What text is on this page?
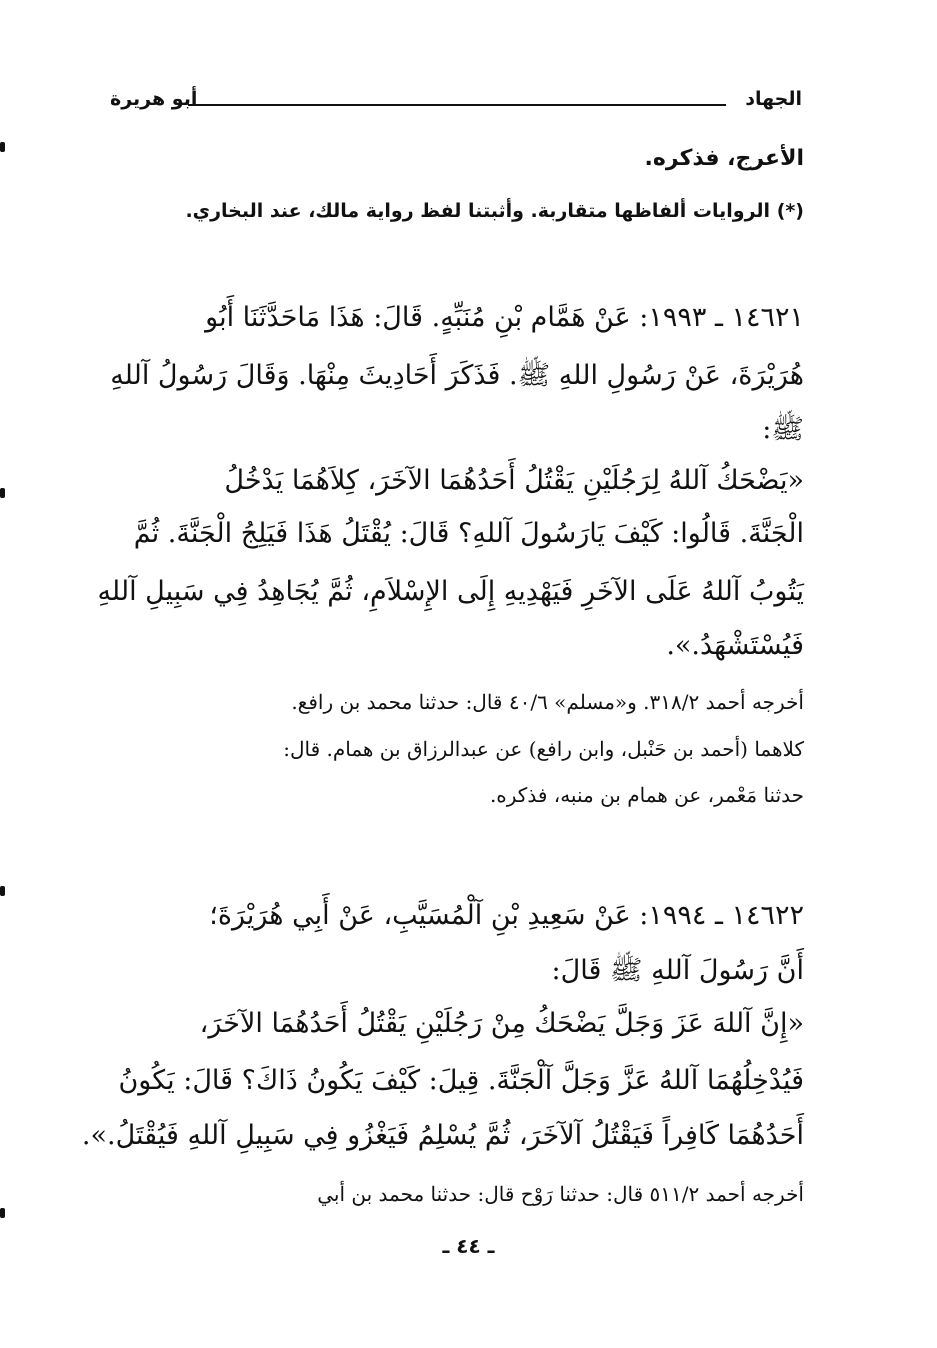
الجهاد
أبو هريرة
الأعرج، فذكره.
(*) الروايات ألفاظها متقاربة. وأثبتنا لفظ رواية مالك، عند البخاري.
١٤٦٢١ ـ ١٩٩٣: عَنْ هَمَّام بْنِ مُنَبِّهٍ. قَالَ: هَذَا مَاحَدَّثَنَا أَبُو
هُرَيْرَةَ، عَنْ رَسُولِ اللهِ ﷺ. فَذَكَرَ أَحَادِيثَ مِنْهَا. وَقَالَ رَسُولُ آللهِ
ﷺ:
«يَضْحَكُ آللهُ لِرَجُلَيْنِ يَقْتُلُ أَحَدُهُمَا الآخَرَ، كِلاَهُمَا يَدْخُلُ
الْجَنَّةَ. قَالُوا: كَيْفَ يَارَسُولَ آللهِ؟ قَالَ: يُقْتَلُ هَذَا فَيَلِجُ الْجَنَّةَ. ثُمَّ
يَتُوبُ آللهُ عَلَى الآخَرِ فَيَهْدِيهِ إِلَى الإِسْلاَمِ، ثُمَّ يُجَاهِدُ فِي سَبِيلِ آللهِ
فَيُسْتَشْهَدُ.».
أخرجه أحمد ٣١٨/٢. و«مسلم» ٤٠/٦ قال: حدثنا محمد بن رافع.
كلاهما (أحمد بن حَنْبل، وابن رافع) عن عبدالرزاق بن همام. قال:
حدثنا مَعْمر، عن همام بن منبه، فذكره.
١٤٦٢٢ ـ ١٩٩٤: عَنْ سَعِيدِ بْنِ آلْمُسَيَّبِ، عَنْ أَبِي هُرَيْرَةَ؛
أَنَّ رَسُولَ آللهِ ﷺ قَالَ:
«إِنَّ آللهَ عَزَ وَجَلَّ يَضْحَكُ مِنْ رَجُلَيْنِ يَقْتُلُ أَحَدُهُمَا الآخَرَ،
فَيُدْخِلُهُمَا آللهُ عَزَّ وَجَلَّ آلْجَنَّةَ. قِيلَ: كَيْفَ يَكُونُ ذَاكَ؟ قَالَ: يَكُونُ
أَحَدُهُمَا كَافِراً فَيَقْتُلُ آلآخَرَ، ثُمَّ يُسْلِمُ فَيَغْزُو فِي سَبِيلِ آللهِ فَيُقْتَلُ.».
أخرجه أحمد ٥١١/٢ قال: حدثنا رَوْح قال: حدثنا محمد بن أبي
ـ ٤٤ ـ
